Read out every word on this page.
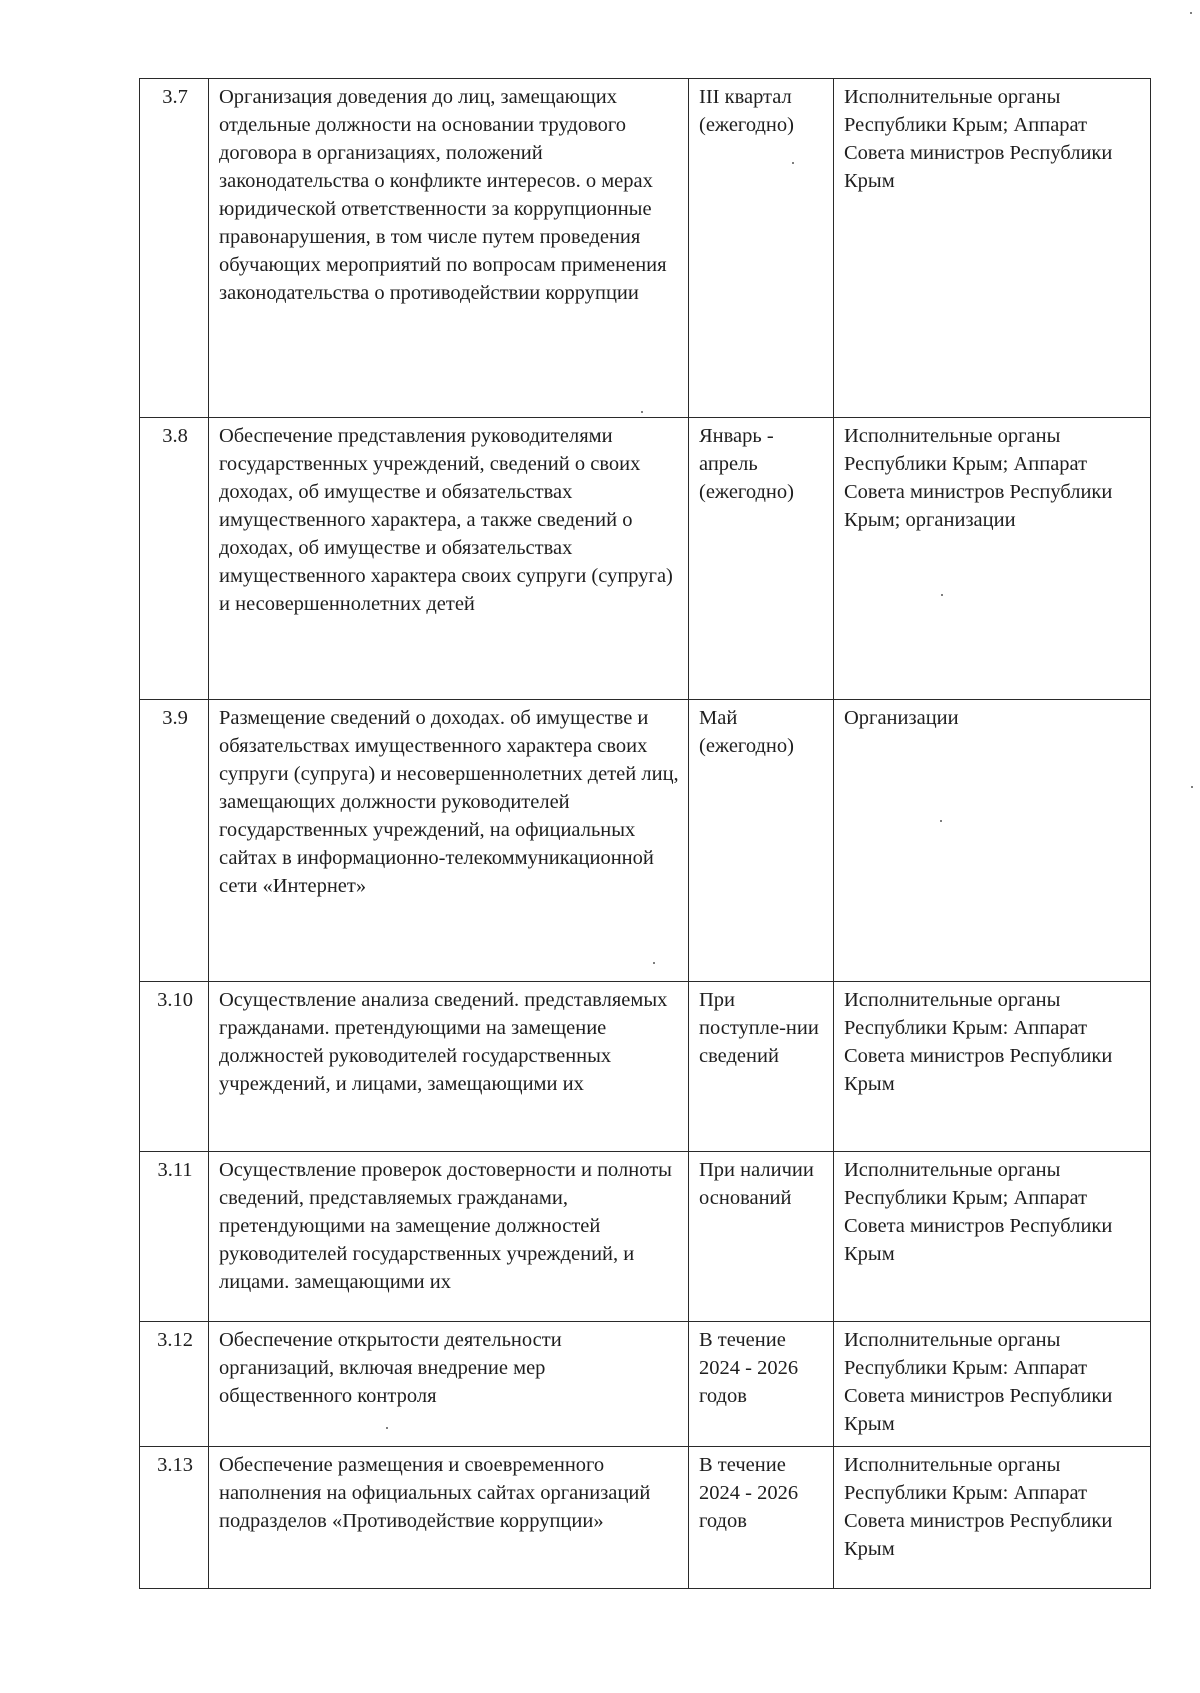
3.7	Организация доведения до лиц, замещающих отдельные должности на основании трудового договора в организациях, положений законодательства о конфликте интересов. о мерах юридической ответственности за коррупционные правонарушения, в том числе путем проведения обучающих мероприятий по вопросам применения законодательства о противодействии коррупции	III квартал (ежегодно)	Исполнительные органы Республики Крым; Аппарат Совета министров Республики Крым
3.8	Обеспечение представления руководителями государственных учреждений, сведений о своих доходах, об имуществе и обязательствах имущественного характера, а также сведений о доходах, об имуществе и обязательствах имущественного характера своих супруги (супруга) и несовершеннолетних детей	Январь - апрель (ежегодно)	Исполнительные органы Республики Крым; Аппарат Совета министров Республики Крым; организации
3.9	Размещение сведений о доходах. об имуществе и обязательствах имущественного характера своих супруги (супруга) и несовершеннолетних детей лиц, замещающих должности руководителей государственных учреждений, на официальных сайтах в информационно-телекоммуникационной сети «Интернет»	Май (ежегодно)	Организации
3.10	Осуществление анализа сведений. представляемых гражданами. претендующими на замещение должностей руководителей государственных учреждений, и лицами, замещающими их	При поступле-нии сведений	Исполнительные органы Республики Крым: Аппарат Совета министров Республики Крым
3.11	Осуществление проверок достоверности и полноты сведений, представляемых гражданами, претендующими на замещение должностей руководителей государственных учреждений, и лицами. замещающими их	При наличии оснований	Исполнительные органы Республики Крым; Аппарат Совета министров Республики Крым
3.12	Обеспечение открытости деятельности организаций, включая внедрение мер общественного контроля	В течение 2024 - 2026 годов	Исполнительные органы Республики Крым: Аппарат Совета министров Республики Крым
3.13	Обеспечение размещения и своевременного наполнения на официальных сайтах организаций подразделов «Противодействие коррупции»	В течение 2024 - 2026 годов	Исполнительные органы Республики Крым: Аппарат Совета министров Республики Крым
